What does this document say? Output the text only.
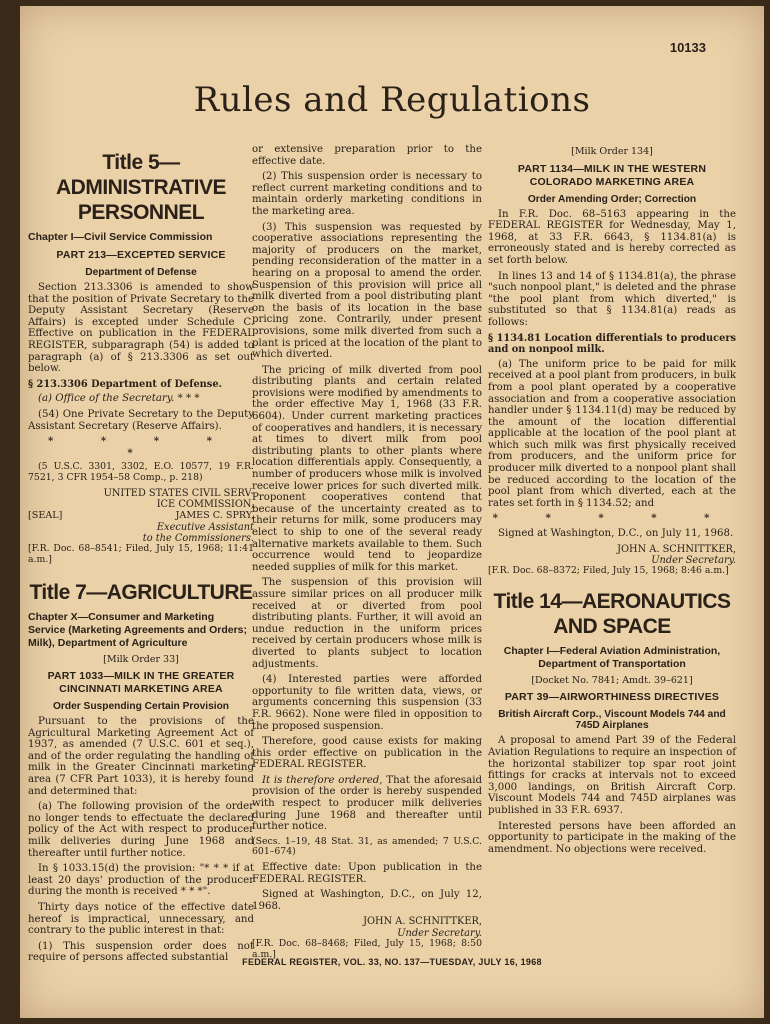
10133
Rules and Regulations
Title 5—ADMINISTRATIVE PERSONNEL
Chapter I—Civil Service Commission
PART 213—EXCEPTED SERVICE
Department of Defense

Section 213.3306 is amended to show that the position of Private Secretary to the Deputy Assistant Secretary (Reserve Affairs) is excepted under Schedule C. Effective on publication in the FEDERAL REGISTER, subparagraph (54) is added to paragraph (a) of § 213.3306 as set out below.

§ 213.3306 Department of Defense.

(a) Office of the Secretary. * * *

(54) One Private Secretary to the Deputy Assistant Secretary (Reserve Affairs).

* * * * *

(5 U.S.C. 3301, 3302, E.O. 10577, 19 F.R. 7521, 3 CFR 1954–58 Comp., p. 218)

UNITED STATES CIVIL SERV-
ICE COMMISSION,
[SEAL]	JAMES C. SPRY,
Executive Assistant
to the Commissioners.

[F.R. Doc. 68–8541; Filed, July 15, 1968; 11:41 a.m.]

Title 7—AGRICULTURE
Chapter X—Consumer and Marketing Service (Marketing Agreements and Orders; Milk), Department of Agriculture
[Milk Order 33]
PART 1033—MILK IN THE GREATER CINCINNATI MARKETING AREA
Order Suspending Certain Provision

Pursuant to the provisions of the Agricultural Marketing Agreement Act of 1937, as amended (7 U.S.C. 601 et seq.), and of the order regulating the handling of milk in the Greater Cincinnati marketing area (7 CFR Part 1033), it is hereby found and determined that:

(a) The following provision of the order no longer tends to effectuate the declared policy of the Act with respect to producer milk deliveries during June 1968 and thereafter until further notice.

In § 1033.15(d) the provision: "* * * if at least 20 days' production of the producer during the month is received * * *".

Thirty days notice of the effective date hereof is impractical, unnecessary, and contrary to the public interest in that:

(1) This suspension order does not require of persons affected substantial

or extensive preparation prior to the effective date.

(2) This suspension order is necessary to reflect current marketing conditions and to maintain orderly marketing conditions in the marketing area.

(3) This suspension was requested by cooperative associations representing the majority of producers on the market, pending reconsideration of the matter in a hearing on a proposal to amend the order. Suspension of this provision will price all milk diverted from a pool distributing plant on the basis of its location in the base pricing zone. Contrarily, under present provisions, some milk diverted from such a plant is priced at the location of the plant to which diverted.

The pricing of milk diverted from pool distributing plants and certain related provisions were modified by amendments to the order effective May 1, 1968 (33 F.R. 6604). Under current marketing practices of cooperatives and handlers, it is necessary at times to divert milk from pool distributing plants to other plants where location differentials apply. Consequently, a number of producers whose milk is involved receive lower prices for such diverted milk. Proponent cooperatives contend that because of the uncertainty created as to their returns for milk, some producers may elect to ship to one of the several ready alternative markets available to them. Such occurrence would tend to jeopardize needed supplies of milk for this market.

The suspension of this provision will assure similar prices on all producer milk received at or diverted from pool distributing plants. Further, it will avoid an undue reduction in the uniform prices received by certain producers whose milk is diverted to plants subject to location adjustments.

(4) Interested parties were afforded opportunity to file written data, views, or arguments concerning this suspension (33 F.R. 9662). None were filed in opposition to the proposed suspension.

Therefore, good cause exists for making this order effective on publication in the FEDERAL REGISTER.

It is therefore ordered, That the aforesaid provision of the order is hereby suspended with respect to producer milk deliveries during June 1968 and thereafter until further notice.

(Secs. 1–19, 48 Stat. 31, as amended; 7 U.S.C. 601–674)

Effective date: Upon publication in the FEDERAL REGISTER.

Signed at Washington, D.C., on July 12, 1968.

JOHN A. SCHNITTKER,
Under Secretary.

[F.R. Doc. 68–8468; Filed, July 15, 1968; 8:50 a.m.]

[Milk Order 134]
PART 1134—MILK IN THE WESTERN COLORADO MARKETING AREA
Order Amending Order; Correction

In F.R. Doc. 68–5163 appearing in the FEDERAL REGISTER for Wednesday, May 1, 1968, at 33 F.R. 6643, § 1134.81(a) is erroneously stated and is hereby corrected as set forth below.

In lines 13 and 14 of § 1134.81(a), the phrase "such nonpool plant," is deleted and the phrase "the pool plant from which diverted," is substituted so that § 1134.81(a) reads as follows:

§ 1134.81 Location differentials to producers and on nonpool milk.

(a) The uniform price to be paid for milk received at a pool plant from producers, in bulk from a pool plant operated by a cooperative association and from a cooperative association handler under § 1134.11(d) may be reduced by the amount of the location differential applicable at the location of the pool plant at which such milk was first physically received from producers, and the uniform price for producer milk diverted to a nonpool plant shall be reduced according to the location of the pool plant from which diverted, each at the rates set forth in § 1134.52; and

* * * * *

Signed at Washington, D.C., on July 11, 1968.

JOHN A. SCHNITTKER,
Under Secretary.

[F.R. Doc. 68–8372; Filed, July 15, 1968; 8:46 a.m.]

Title 14—AERONAUTICS AND SPACE
Chapter I—Federal Aviation Administration, Department of Transportation
[Docket No. 7841; Amdt. 39–621]
PART 39—AIRWORTHINESS DIRECTIVES
British Aircraft Corp., Viscount Models 744 and 745D Airplanes

A proposal to amend Part 39 of the Federal Aviation Regulations to require an inspection of the horizontal stabilizer top spar root joint fittings for cracks at intervals not to exceed 3,000 landings, on British Aircraft Corp. Viscount Models 744 and 745D airplanes was published in 33 F.R. 6937.

Interested persons have been afforded an opportunity to participate in the making of the amendment. No objections were received.

FEDERAL REGISTER, VOL. 33, NO. 137—TUESDAY, JULY 16, 1968
